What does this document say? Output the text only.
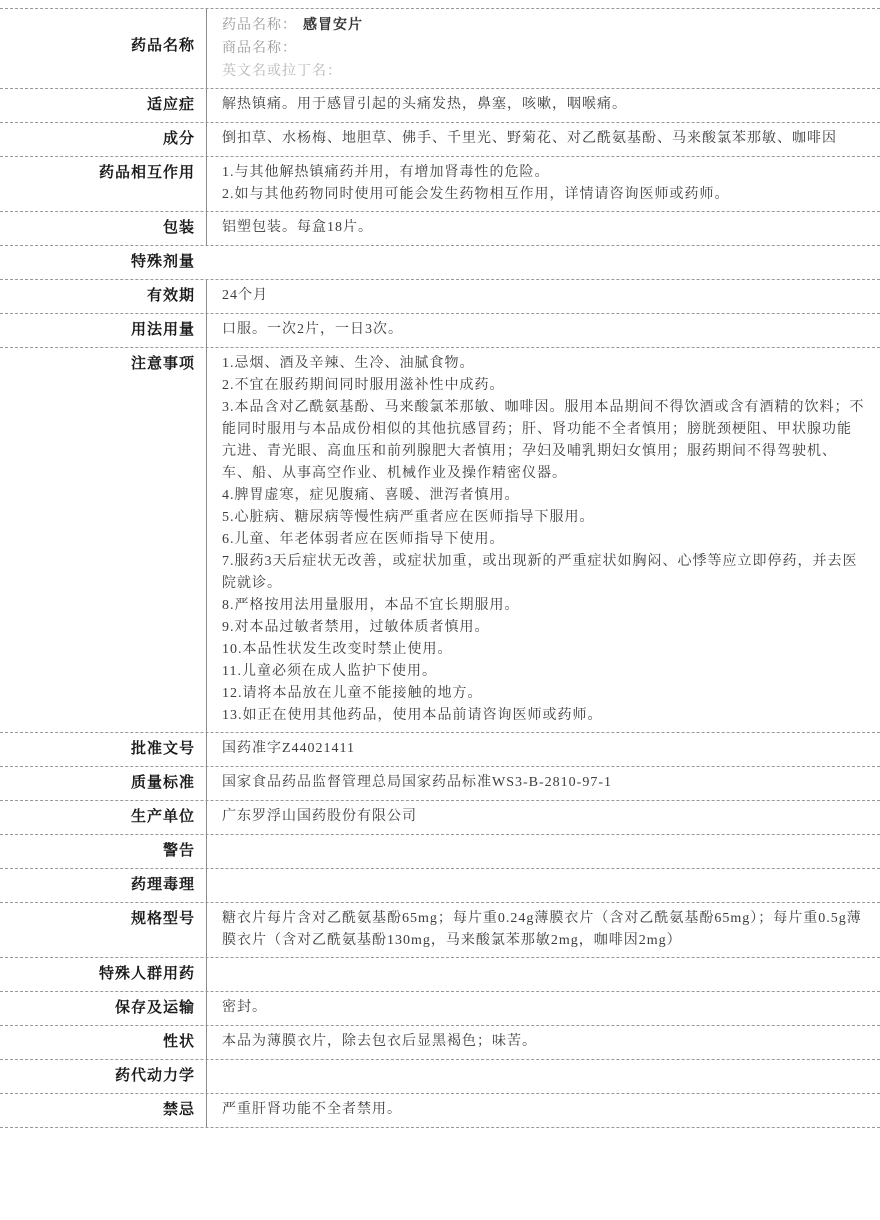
药品名称
药品名称： 感冒安片
商品名称：
英文名或拉丁名：
适应症	解热镇痛。用于感冒引起的头痛发热，鼻塞，咳嗽，咽喉痛。
成分	倒扣草、水杨梅、地胆草、佛手、千里光、野菊花、对乙酰氨基酚、马来酸氯苯那敏、咖啡因
药品相互作用	1.与其他解热镇痛药并用，有增加肾毒性的危险。
2.如与其他药物同时使用可能会发生药物相互作用，详情请咨询医师或药师。
包装	铝塑包装。每盒18片。
特殊剂量
有效期	24个月
用法用量	口服。一次2片，一日3次。
注意事项	1.忌烟、酒及辛辣、生冷、油腻食物。
2.不宜在服药期间同时服用滋补性中成药。
3.本品含对乙酰氨基酚、马来酸氯苯那敏、咖啡因。服用本品期间不得饮酒或含有酒精的饮料；不能同时服用与本品成份相似的其他抗感冒药；肝、肾功能不全者慎用；膀胱颈梗阻、甲状腺功能亢进、青光眼、高血压和前列腺肥大者慎用；孕妇及哺乳期妇女慎用；服药期间不得驾驶机、车、船、从事高空作业、机械作业及操作精密仪器。
4.脾胃虚寒，症见腹痛、喜暖、泄泻者慎用。
5.心脏病、糖尿病等慢性病严重者应在医师指导下服用。
6.儿童、年老体弱者应在医师指导下使用。
7.服药3天后症状无改善，或症状加重，或出现新的严重症状如胸闷、心悸等应立即停药，并去医院就诊。
8.严格按用法用量服用，本品不宜长期服用。
9.对本品过敏者禁用，过敏体质者慎用。
10.本品性状发生改变时禁止使用。
11.儿童必须在成人监护下使用。
12.请将本品放在儿童不能接触的地方。
13.如正在使用其他药品，使用本品前请咨询医师或药师。
批准文号	国药准字Z44021411
质量标准	国家食品药品监督管理总局国家药品标准WS3-B-2810-97-1
生产单位	广东罗浮山国药股份有限公司
警告
药理毒理
规格型号	糖衣片每片含对乙酰氨基酚65mg；每片重0.24g薄膜衣片（含对乙酰氨基酚65mg）；每片重0.5g薄膜衣片（含对乙酰氨基酚130mg，马来酸氯苯那敏2mg，咖啡因2mg）
特殊人群用药
保存及运输	密封。
性状	本品为薄膜衣片，除去包衣后显黑褐色；味苦。
药代动力学
禁忌	严重肝肾功能不全者禁用。
